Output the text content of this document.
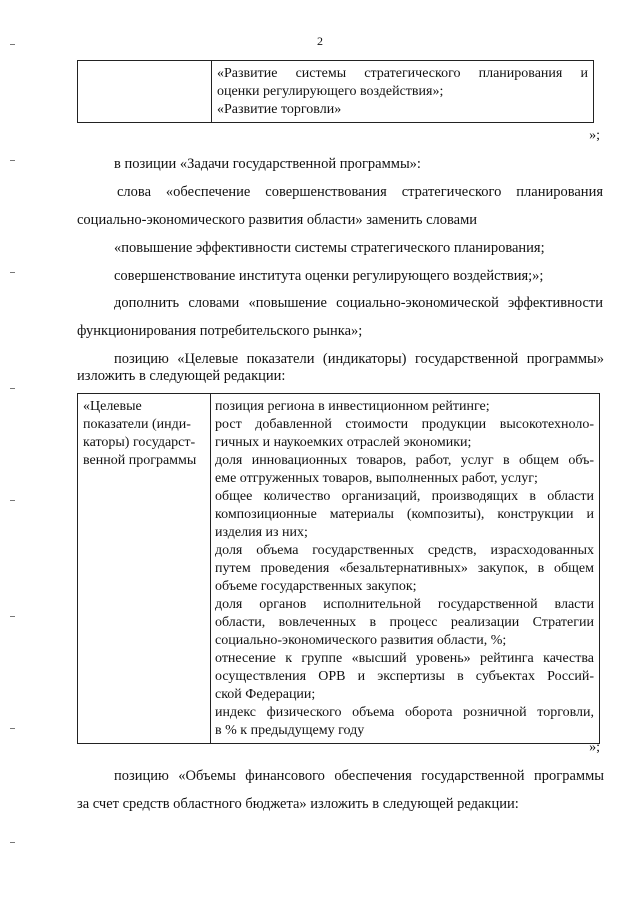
2

«Развитие системы стратегического планирования и
оценки регулирующего воздействия»;
«Развитие торговли»
»;

в позиции «Задачи государственной программы»:

слова «обеспечение совершенствования стратегического планирования

социально-экономического развития области» заменить словами

«повышение эффективности системы стратегического планирования;

совершенствование института оценки регулирующего воздействия;»;

дополнить словами «повышение социально-экономической эффективности

функционирования потребительского рынка»;

позицию «Целевые показатели (индикаторы) государственной программы»

изложить в следующей редакции:

«Целевые
показатели (инди-
каторы) государст-
венной программы

позиция региона в инвестиционном рейтинге;
рост добавленной стоимости продукции высокотехноло-
гичных и наукоемких отраслей экономики;
доля инновационных товаров, работ, услуг в общем объ-
еме отгруженных товаров, выполненных работ, услуг;
общее количество организаций, производящих в области
композиционные материалы (композиты), конструкции и
изделия из них;
доля объема государственных средств, израсходованных
путем проведения «безальтернативных» закупок, в общем
объеме государственных закупок;
доля органов исполнительной государственной власти
области, вовлеченных в процесс реализации Стратегии
социально-экономического развития области, %;
отнесение к группе «высший уровень» рейтинга качества
осуществления ОРВ и экспертизы в субъектах Россий-
ской Федерации;
индекс физического объема оборота розничной торговли,
в % к предыдущему году
»;

позицию «Объемы финансового обеспечения государственной программы

за счет средств областного бюджета» изложить в следующей редакции:
